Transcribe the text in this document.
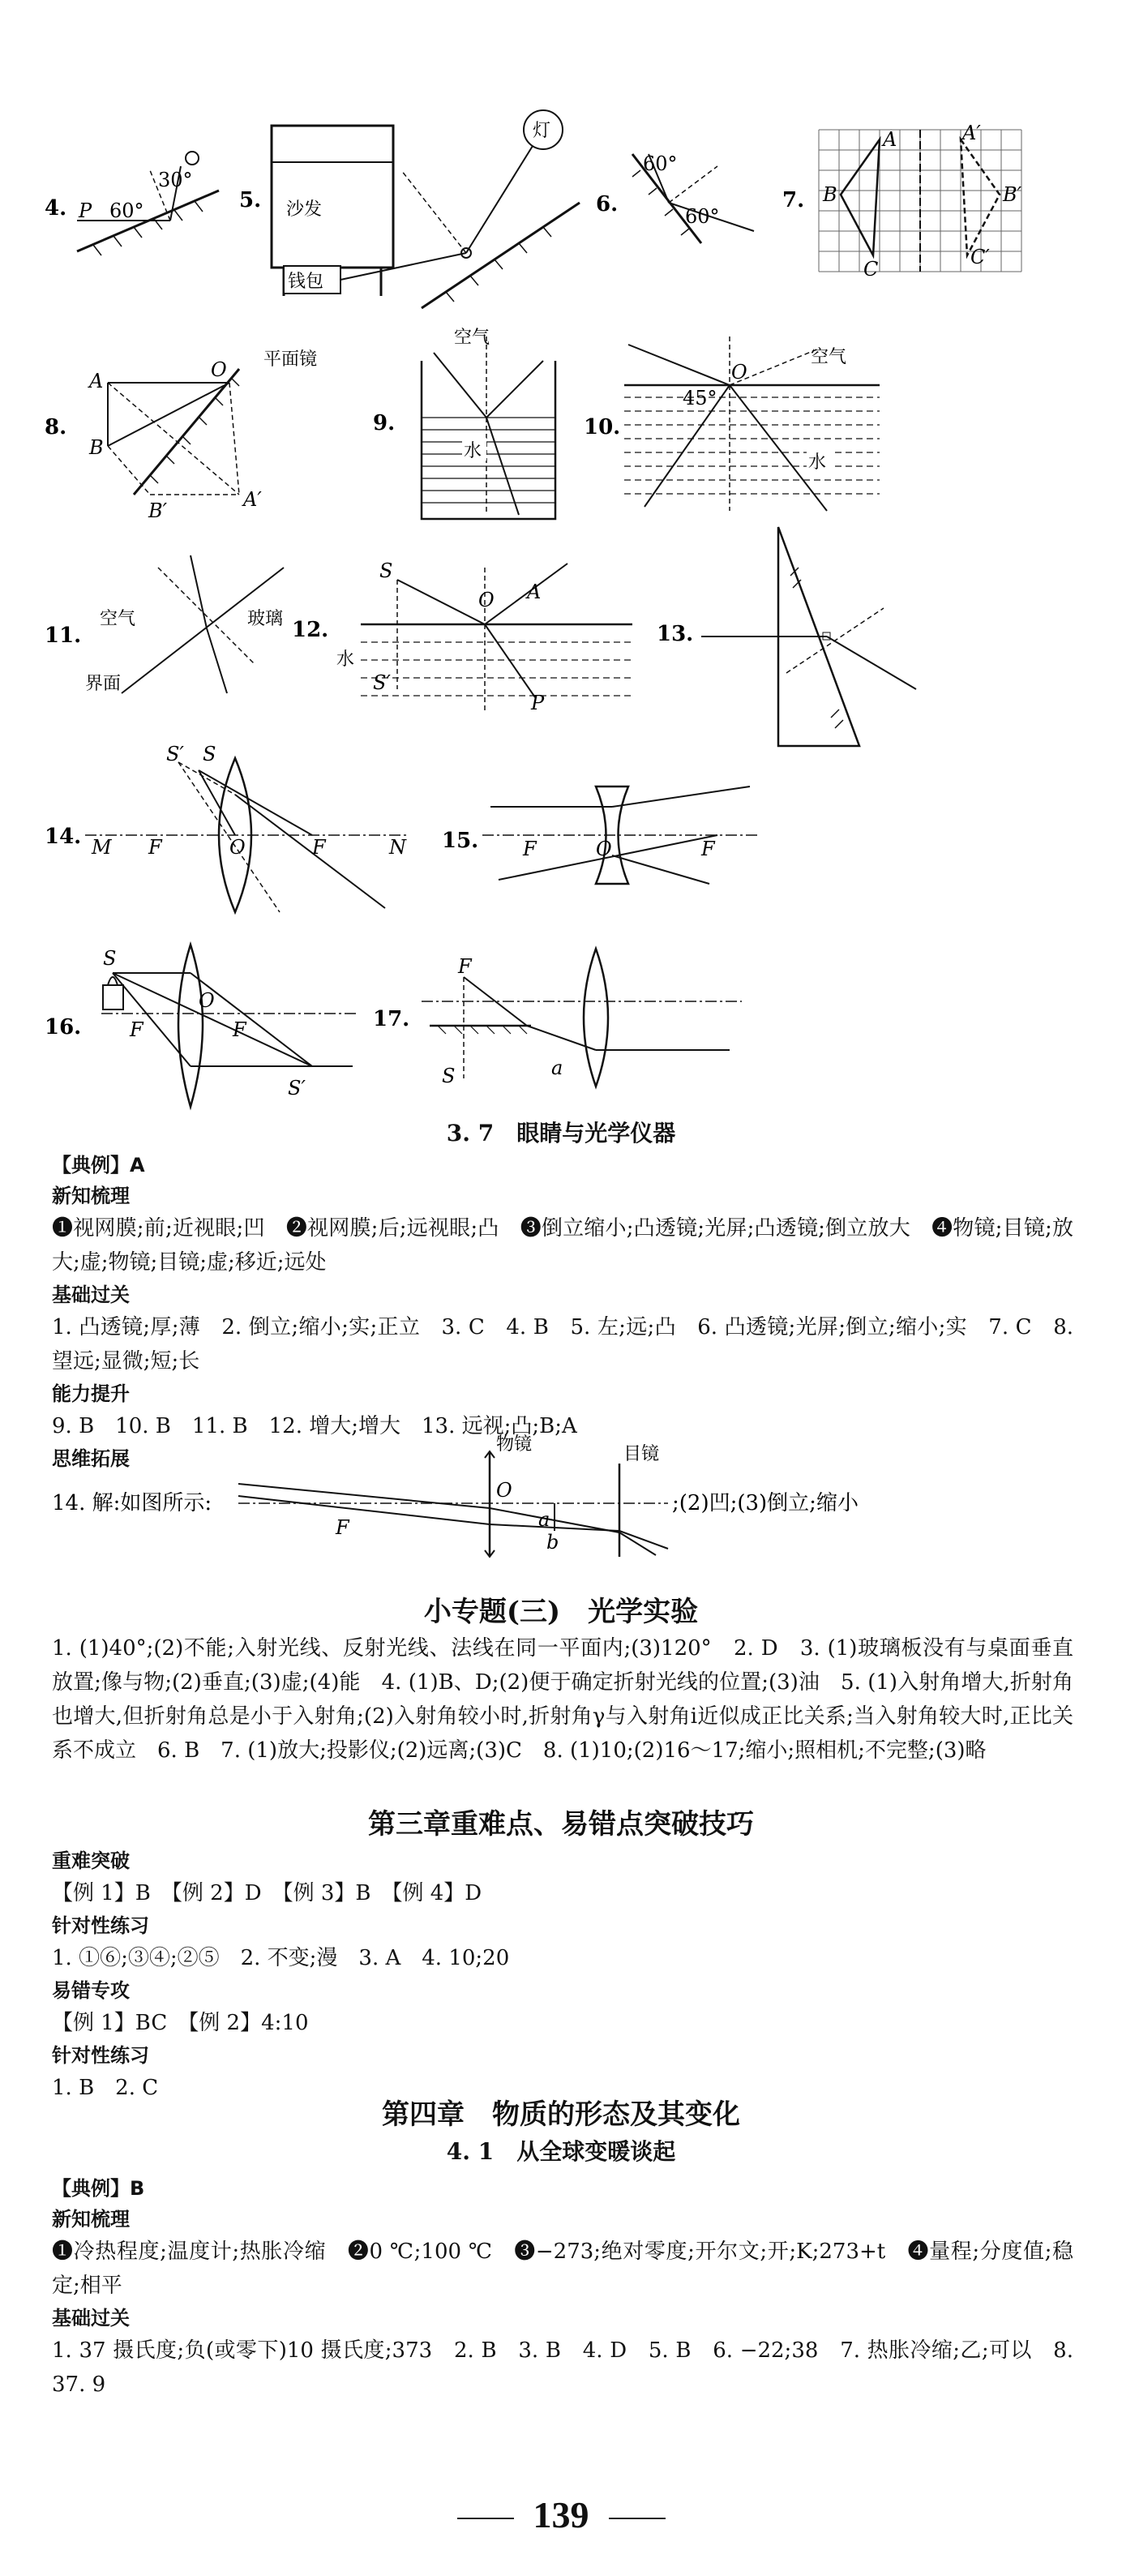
4. P 60°
30°
5. 沙发
钱包
灯
6.
60°
60°
7.
A
B
C
A′
B′
C′
8.
A
B
O
B′	A′
平面镜
9.
空气
水
10.
O
空气
45°
水
11.
空气	玻璃
界面
12.
S
O A
S′
P
水
13.
14.
S′ S
M F	O	F	N 15. F	O	F
16.
S
F
O
F
S′
17.
F
S	a
3. 7　眼睛与光学仪器
【典例】A
新知梳理
❶视网膜;前;近视眼;凹　❷视网膜;后;远视眼;凸　❸倒立缩小;凸透镜;光屏;凸透镜;倒立放大　❹物镜;目镜;放大;虚;物镜;目镜;虚;移近;远处
基础过关
1. 凸透镜;厚;薄　2. 倒立;缩小;实;正立　3. C　4. B　5. 左;远;凸　6. 凸透镜;光屏;倒立;缩小;实　7. C　8. 望远;显微;短;长
能力提升
9. B　10. B　11. B　12. 增大;增大　13. 远视;凸;B;A
思维拓展
14. 解:如图所示:
物镜	目镜
O
F	a
b
;(2)凹;(3)倒立;缩小
小专题(三)　光学实验
1. (1)40°;(2)不能;入射光线、反射光线、法线在同一平面内;(3)120°　2. D　3. (1)玻璃板没有与桌面垂直放置;像与物;(2)垂直;(3)虚;(4)能　4. (1)B、D;(2)便于确定折射光线的位置;(3)油　5. (1)入射角增大,折射角也增大,但折射角总是小于入射角;(2)入射角较小时,折射角γ与入射角i近似成正比关系;当入射角较大时,正比关系不成立　6. B　7. (1)放大;投影仪;(2)远离;(3)C　8. (1)10;(2)16～17;缩小;照相机;不完整;(3)略
第三章重难点、易错点突破技巧
重难突破
【例 1】B　【例 2】D　【例 3】B　【例 4】D
针对性练习
1. ①⑥;③④;②⑤　2. 不变;漫　3. A　4. 10;20
易错专攻
【例 1】BC　【例 2】4:10
针对性练习
1. B　2. C
第四章　物质的形态及其变化
4. 1　从全球变暖谈起
【典例】B
新知梳理
❶冷热程度;温度计;热胀冷缩　❷0 ℃;100 ℃　❸−273;绝对零度;开尔文;开;K;273+t　❹量程;分度值;稳定;相平
基础过关
1. 37 摄氏度;负(或零下)10 摄氏度;373　2. B　3. B　4. D　5. B　6. −22;38　7. 热胀冷缩;乙;可以　8. 37. 9
139
